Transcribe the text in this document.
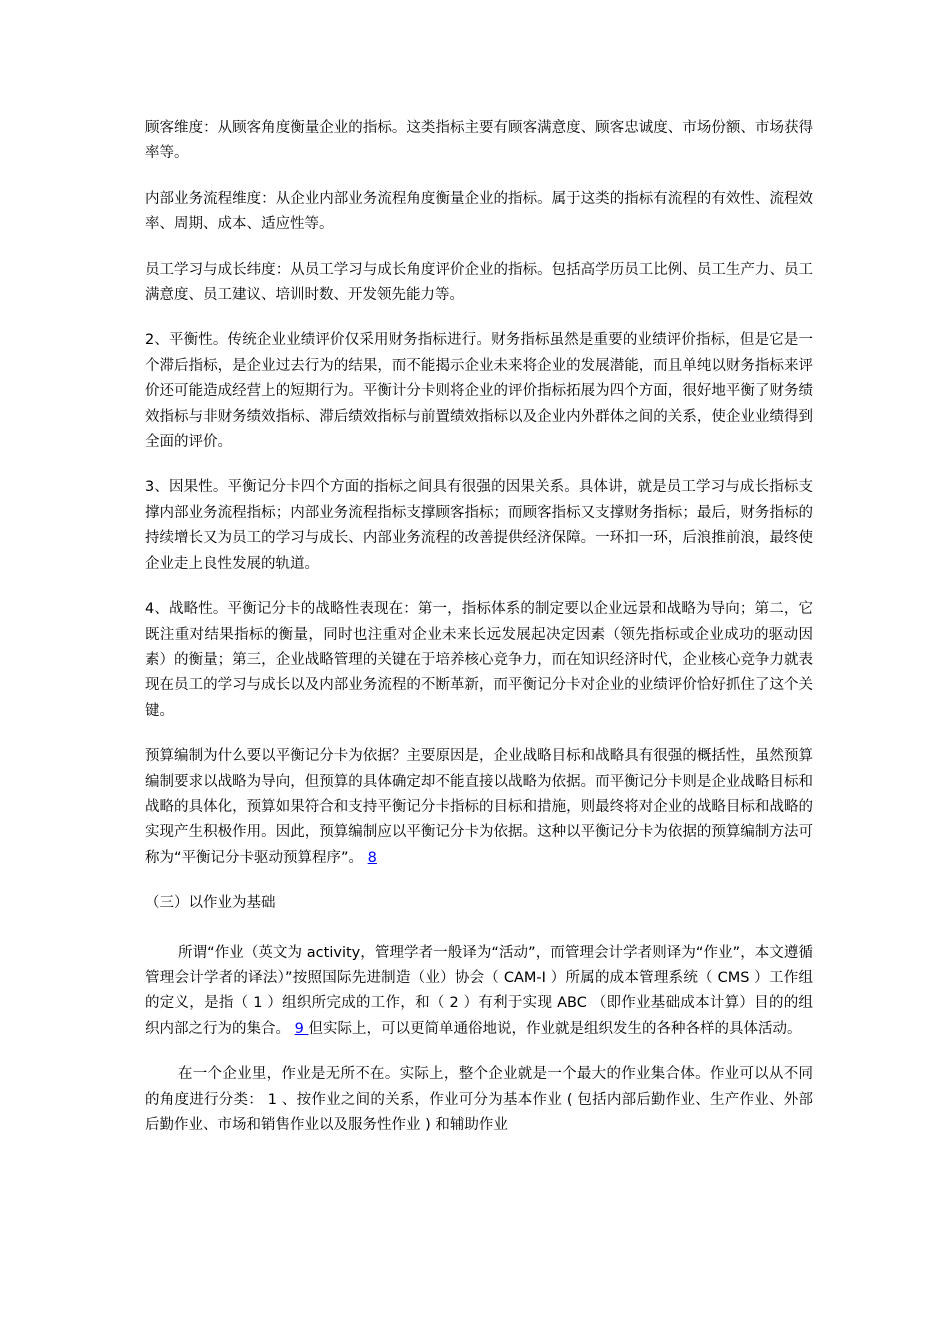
顾客维度：从顾客角度衡量企业的指标。这类指标主要有顾客满意度、顾客忠诚度、市场份额、市场获得率等。

内部业务流程维度：从企业内部业务流程角度衡量企业的指标。属于这类的指标有流程的有效性、流程效率、周期、成本、适应性等。

员工学习与成长纬度：从员工学习与成长角度评价企业的指标。包括高学历员工比例、员工生产力、员工满意度、员工建议、培训时数、开发领先能力等。

2、平衡性。传统企业业绩评价仅采用财务指标进行。财务指标虽然是重要的业绩评价指标，但是它是一个滞后指标，是企业过去行为的结果，而不能揭示企业未来将企业的发展潜能，而且单纯以财务指标来评价还可能造成经营上的短期行为。平衡计分卡则将企业的评价指标拓展为四个方面，很好地平衡了财务绩效指标与非财务绩效指标、滞后绩效指标与前置绩效指标以及企业内外群体之间的关系，使企业业绩得到全面的评价。

3、因果性。平衡记分卡四个方面的指标之间具有很强的因果关系。具体讲，就是员工学习与成长指标支撑内部业务流程指标；内部业务流程指标支撑顾客指标；而顾客指标又支撑财务指标；最后，财务指标的持续增长又为员工的学习与成长、内部业务流程的改善提供经济保障。一环扣一环，后浪推前浪，最终使企业走上良性发展的轨道。

4、战略性。平衡记分卡的战略性表现在：第一，指标体系的制定要以企业远景和战略为导向；第二，它既注重对结果指标的衡量，同时也注重对企业未来长远发展起决定因素（领先指标或企业成功的驱动因素）的衡量；第三，企业战略管理的关键在于培养核心竞争力，而在知识经济时代，企业核心竞争力就表现在员工的学习与成长以及内部业务流程的不断革新，而平衡记分卡对企业的业绩评价恰好抓住了这个关键。

预算编制为什么要以平衡记分卡为依据？主要原因是，企业战略目标和战略具有很强的概括性，虽然预算编制要求以战略为导向，但预算的具体确定却不能直接以战略为依据。而平衡记分卡则是企业战略目标和战略的具体化，预算如果符合和支持平衡记分卡指标的目标和措施，则最终将对企业的战略目标和战略的实现产生积极作用。因此，预算编制应以平衡记分卡为依据。这种以平衡记分卡为依据的预算编制方法可称为“平衡记分卡驱动预算程序”。 8

（三）以作业为基础

所谓“作业（英文为 activity，管理学者一般译为“活动”，而管理会计学者则译为“作业”，本文遵循管理会计学者的译法）”按照国际先进制造（业）协会（ CAM-I ）所属的成本管理系统（ CMS ）工作组的定义，是指（ 1 ）组织所完成的工作，和（ 2 ）有利于实现 ABC （即作业基础成本计算）目的的组织内部之行为的集合。 9 但实际上，可以更简单通俗地说，作业就是组织发生的各种各样的具体活动。

在一个企业里，作业是无所不在。实际上，整个企业就是一个最大的作业集合体。作业可以从不同的角度进行分类： 1 、按作业之间的关系，作业可分为基本作业 ( 包括内部后勤作业、生产作业、外部后勤作业、市场和销售作业以及服务性作业 ) 和辅助作业
